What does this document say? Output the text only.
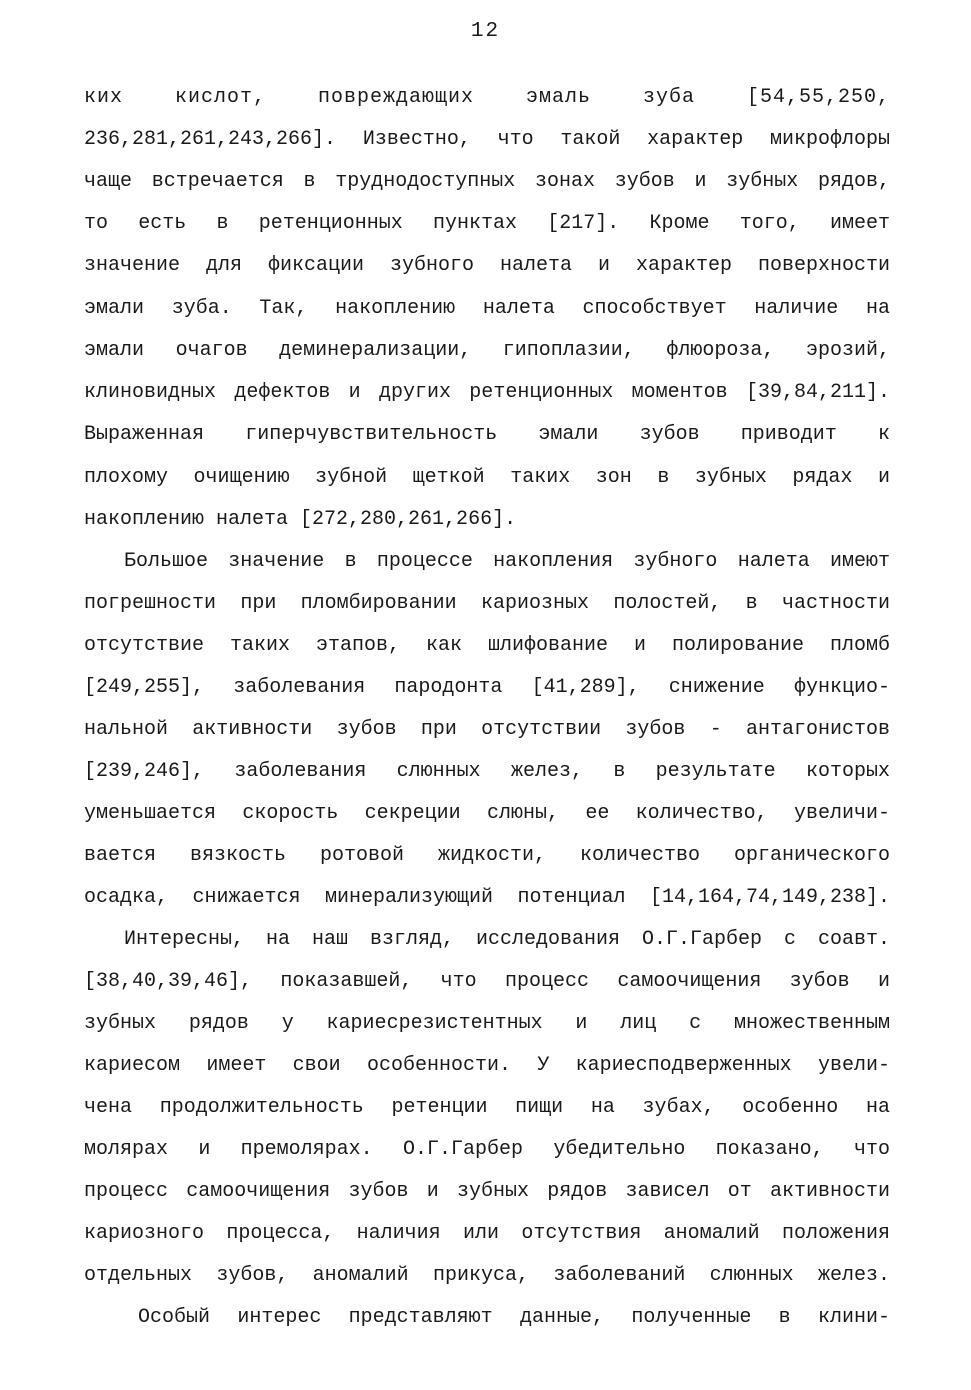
12
ких кислот, повреждающих эмаль зуба [54,55,250,
236,281,261,243,266]. Известно, что такой характер микрофлоры
чаще встречается в труднодоступных зонах зубов и зубных рядов,
то есть в ретенционных пунктах [217]. Кроме того, имеет
значение для фиксации зубного налета и характер поверхности
эмали зуба. Так, накоплению налета способствует наличие на
эмали очагов деминерализации, гипоплазии, флюороза, эрозий,
клиновидных дефектов и других ретенционных моментов [39,84,211].
Выраженная гиперчувствительность эмали зубов приводит к
плохому очищению зубной щеткой таких зон в зубных рядах и
накоплению налета [272,280,261,266].
Большое значение в процессе накопления зубного налета имеют
погрешности при пломбировании кариозных полостей, в частности
отсутствие таких этапов, как шлифование и полирование пломб
[249,255], заболевания пародонта [41,289], снижение функцио-
нальной активности зубов при отсутствии зубов - антагонистов
[239,246], заболевания слюнных желез, в результате которых
уменьшается скорость секреции слюны, ее количество, увеличи-
вается вязкость ротовой жидкости, количество органического
осадка, снижается минерализующий потенциал [14,164,74,149,238].
Интересны, на наш взгляд, исследования О.Г.Гарбер с соавт.
[38,40,39,46], показавшей, что процесс самоочищения зубов и
зубных рядов у кариесрезистентных и лиц с множественным
кариесом имеет свои особенности. У кариесподверженных увели-
чена продолжительность ретенции пищи на зубах, особенно на
молярах и премолярах. О.Г.Гарбер убедительно показано, что
процесс самоочищения зубов и зубных рядов зависел от активности
кариозного процесса, наличия или отсутствия аномалий положения
отдельных зубов, аномалий прикуса, заболеваний слюнных желез.
Особый интерес представляют данные, полученные в клини-
